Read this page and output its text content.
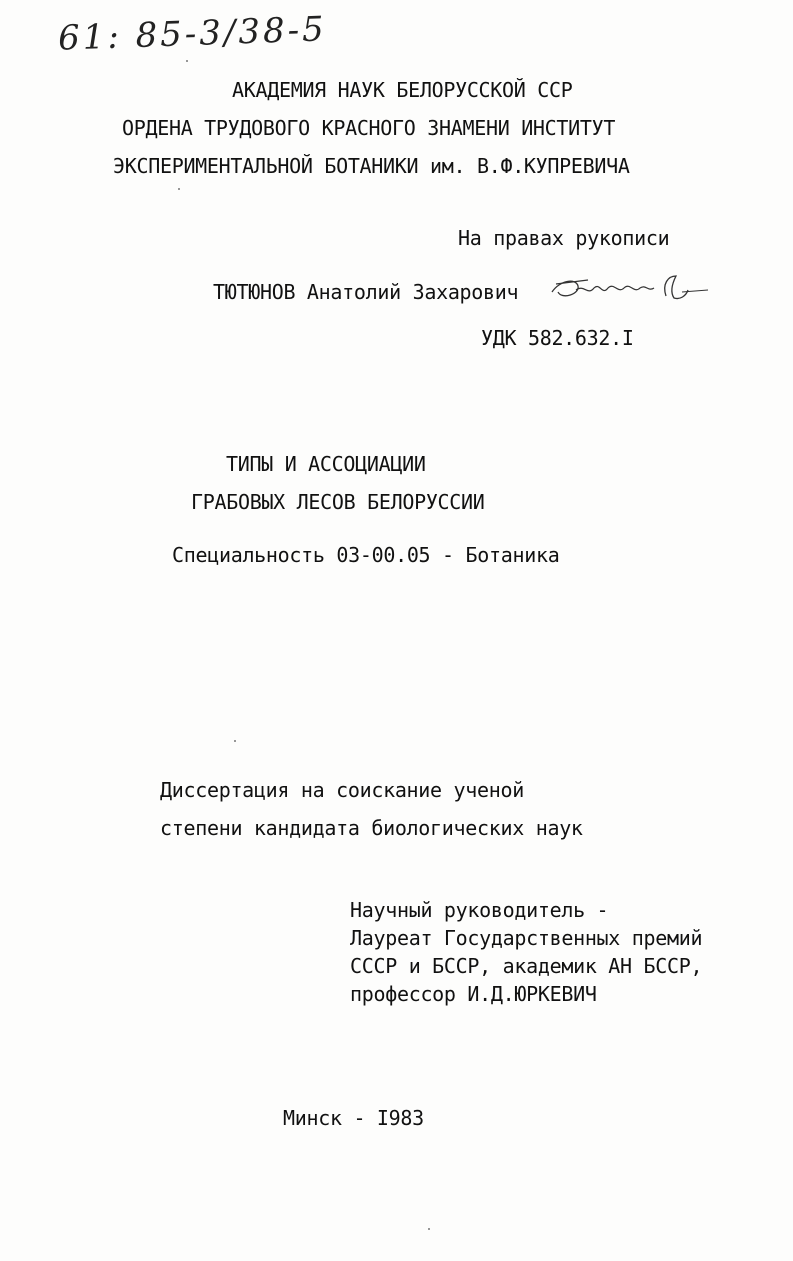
61: 85-3/38-5
АКАДЕМИЯ НАУК БЕЛОРУССКОЙ ССР
ОРДЕНА ТРУДОВОГО КРАСНОГО ЗНАМЕНИ ИНСТИТУТ
ЭКСПЕРИМЕНТАЛЬНОЙ БОТАНИКИ им. В.Ф.КУПРЕВИЧА
На правах рукописи
ТЮТЮНОВ Анатолий Захарович
УДК 582.632.I
ТИПЫ И АССОЦИАЦИИ
ГРАБОВЫХ ЛЕСОВ БЕЛОРУССИИ
Специальность 03-00.05 - Ботаника
Диссертация на соискание ученой
степени кандидата биологических наук
Научный руководитель -
Лауреат Государственных премий
СССР и БССР, академик АН БССР,
профессор И.Д.ЮРКЕВИЧ
Минск - I983
